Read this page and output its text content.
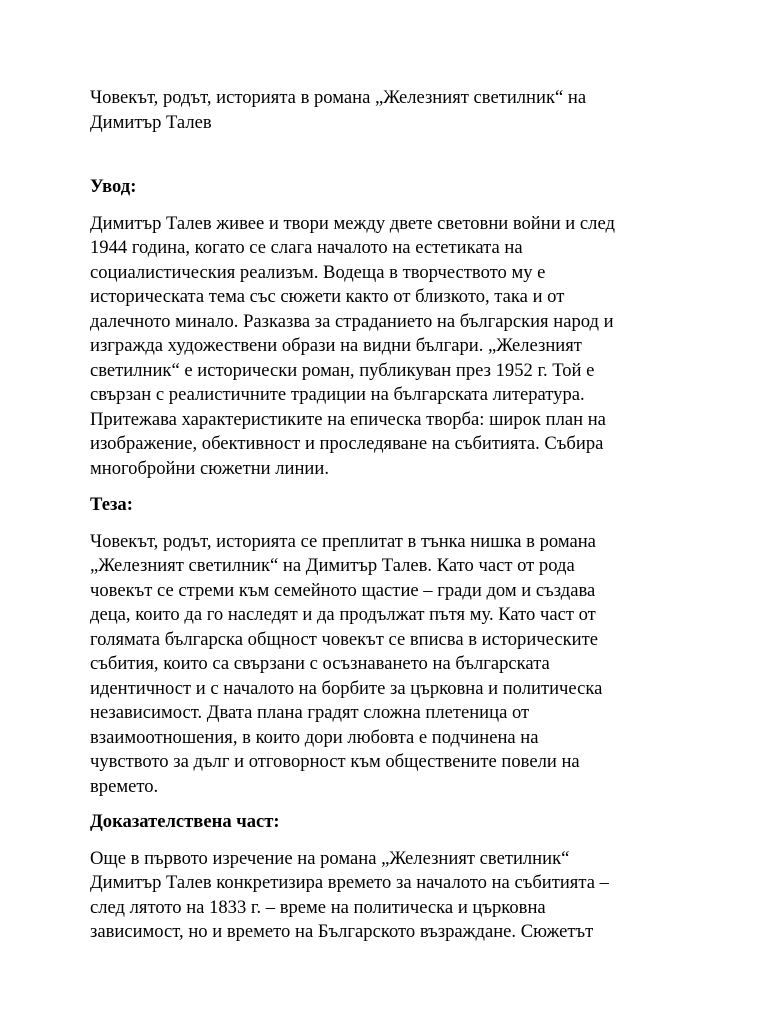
Човекът, родът, историята в романа „Железният светилник“ на
Димитър Талев
Увод:

Димитър Талев живее и твори между двете световни войни и след
1944 година, когато се слага началото на естетиката на
социалистическия реализъм. Водеща в творчеството му е
историческата тема със сюжети както от близкото, така и от
далечното минало. Разказва за страданието на българския народ и
изгражда художествени образи на видни българи. „Железният
светилник“ е исторически роман, публикуван през 1952 г. Той е
свързан с реалистичните традиции на българската литература.
Притежава характеристиките на епическа творба: широк план на
изображение, обективност и проследяване на събитията. Събира
многобройни сюжетни линии.

Теза:

Човекът, родът, историята се преплитат в тънка нишка в романа
„Железният светилник“ на Димитър Талев. Като част от рода
човекът се стреми към семейното щастие – гради дом и създава
деца, които да го наследят и да продължат пътя му. Като част от
голямата българска общност човекът се вписва в историческите
събития, които са свързани с осъзнаването на българската
идентичност и с началото на борбите за църковна и политическа
независимост. Двата плана градят сложна плетеница от
взаимоотношения, в които дори любовта е подчинена на
чувството за дълг и отговорност към обществените повели на
времето.

Доказателствена част:

Още в първото изречение на романа „Железният светилник“
Димитър Талев конкретизира времето за началото на събитията –
след лятото на 1833 г. – време на политическа и църковна
зависимост, но и времето на Българското възраждане. Сюжетът
